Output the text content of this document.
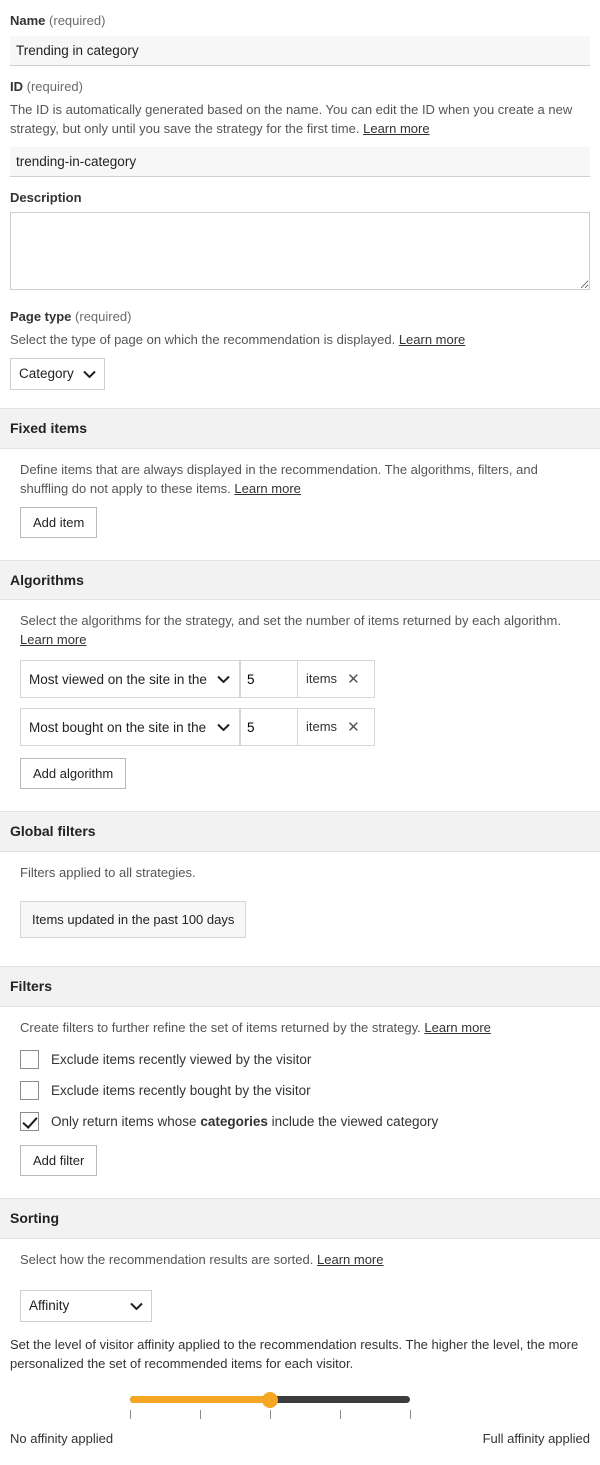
Name (required)
Trending in category
ID (required)
The ID is automatically generated based on the name. You can edit the ID when you create a new strategy, but only until you save the strategy for the first time. Learn more
trending-in-category
Description
Page type (required)
Select the type of page on which the recommendation is displayed. Learn more
Category
Fixed items
Define items that are always displayed in the recommendation. The algorithms, filters, and shuffling do not apply to these items. Learn more
Add item
Algorithms
Select the algorithms for the strategy, and set the number of items returned by each algorithm. Learn more
Most viewed on the site in the past 30 days
5
items ✕
Most bought on the site in the past 30 days
5
items ✕
Add algorithm
Global filters
Filters applied to all strategies.
Items updated in the past 100 days
Filters
Create filters to further refine the set of items returned by the strategy. Learn more
Exclude items recently viewed by the visitor
Exclude items recently bought by the visitor
Only return items whose categories include the viewed category
Add filter
Sorting
Select how the recommendation results are sorted. Learn more
Affinity
Set the level of visitor affinity applied to the recommendation results. The higher the level, the more personalized the set of recommended items for each visitor.
No affinity applied	Full affinity applied
